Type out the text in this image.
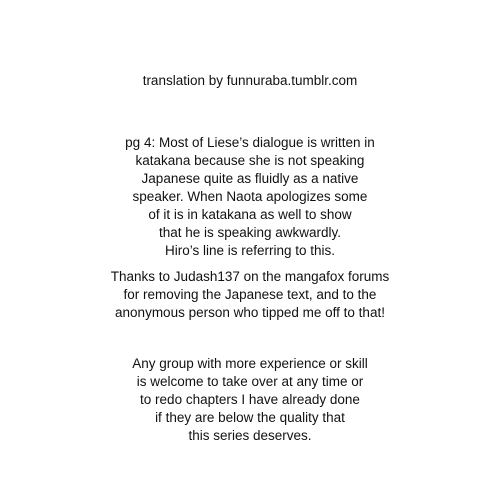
translation by funnuraba.tumblr.com
pg 4: Most of Liese’s dialogue is written in
katakana because she is not speaking
Japanese quite as fluidly as a native
speaker. When Naota apologizes some
of it is in katakana as well to show
that he is speaking awkwardly.
Hiro’s line is referring to this.
Thanks to Judash137 on the mangafox forums
for removing the Japanese text, and to the
anonymous person who tipped me off to that!
Any group with more experience or skill
is welcome to take over at any time or
to redo chapters I have already done
if they are below the quality that
this series deserves.
